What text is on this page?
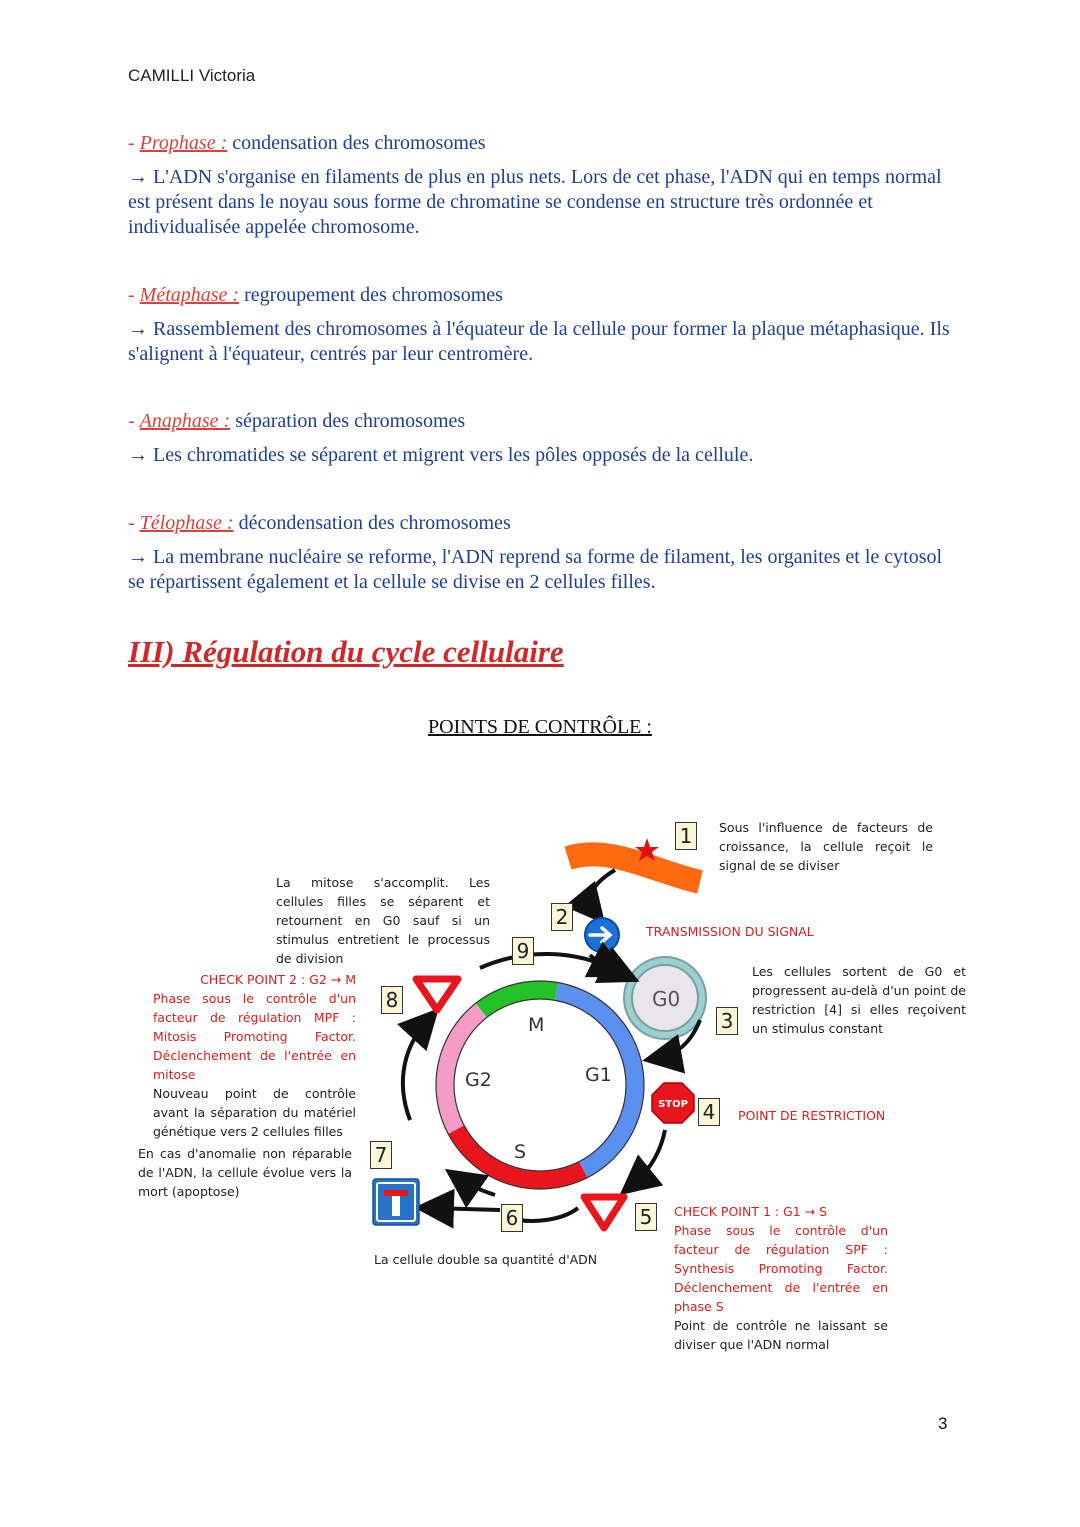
CAMILLI Victoria

- Prophase : condensation des chromosomes

→ L'ADN s'organise en filaments de plus en plus nets. Lors de cet phase, l'ADN qui en temps normal est présent dans le noyau sous forme de chromatine se condense en structure très ordonnée et individualisée appelée chromosome.

- Métaphase : regroupement des chromosomes

→ Rassemblement des chromosomes à l'équateur de la cellule pour former la plaque métaphasique. Ils s'alignent à l'équateur, centrés par leur centromère.

- Anaphase : séparation des chromosomes

→ Les chromatides se séparent et migrent vers les pôles opposés de la cellule.

- Télophase : décondensation des chromosomes

→ La membrane nucléaire se reforme, l'ADN reprend sa forme de filament, les organites et le cytosol se répartissent également et la cellule se divise en 2 cellules filles.

III) Régulation du cycle cellulaire
POINTS DE CONTRÔLE :
M
G1
G2
S
G0
STOP
1
2
3
4
5
6
7
8
9
Sous l'influence de facteurs de croissance, la cellule reçoit le signal de se diviser
TRANSMISSION DU SIGNAL
Les cellules sortent de G0 et progressent au-delà d'un point de restriction [4] si elles reçoivent un stimulus constant
POINT DE RESTRICTION
CHECK POINT 1 : G1 → S
Phase sous le contrôle d'un facteur de régulation SPF : Synthesis Promoting Factor. Déclenchement de l'entrée en phase S
Point de contrôle ne laissant se diviser que l'ADN normal
La mitose s'accomplit. Les cellules filles se séparent et retournent en G0 sauf si un stimulus entretient le processus de division
CHECK POINT 2 : G2 → M
Phase sous le contrôle d'un facteur de régulation MPF : Mitosis Promoting Factor. Déclenchement de l'entrée en mitose
Nouveau point de contrôle avant la séparation du matériel génétique vers 2 cellules filles
En cas d'anomalie non réparable de l'ADN, la cellule évolue vers la mort (apoptose)
La cellule double sa quantité d'ADN
3
